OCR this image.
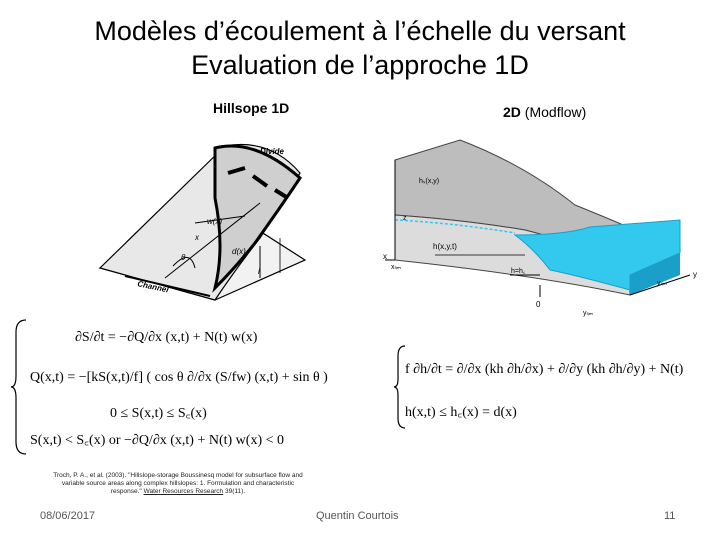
Modèles d’écoulement à l’échelle du versant
Evaluation de l’approche 1D
Hillsope 1D	2D (Modflow)
Divide
w(x)
x
θ
d(x)
i
Channel
hₛ(x,y)
z
h(x,y,t)
x
xₗᵢₘ
h=h꜀	y
yₗᵢₘ
0
yₗᵢₘ
∂S/∂t = −∂Q/∂x (x,t) + N(t) w(x)
Q(x,t) = −[kS(x,t)/f] ( cos θ ∂/∂x (S/fw) (x,t) + sin θ )
0 ≤ S(x,t) ≤ S꜀(x)
S(x,t) < S꜀(x) or −∂Q/∂x (x,t) + N(t) w(x) < 0
f ∂h/∂t = ∂/∂x (kh ∂h/∂x) + ∂/∂y (kh ∂h/∂y) + N(t)
h(x,t) ≤ h꜀(x) = d(x)
Troch, P. A., et al. (2003). "Hillslope-storage Boussinesq model for subsurface flow and
variable source areas along complex hillslopes: 1. Formulation and characteristic
response." Water Resources Research 39(11).
08/06/2017	Quentin Courtois	11
